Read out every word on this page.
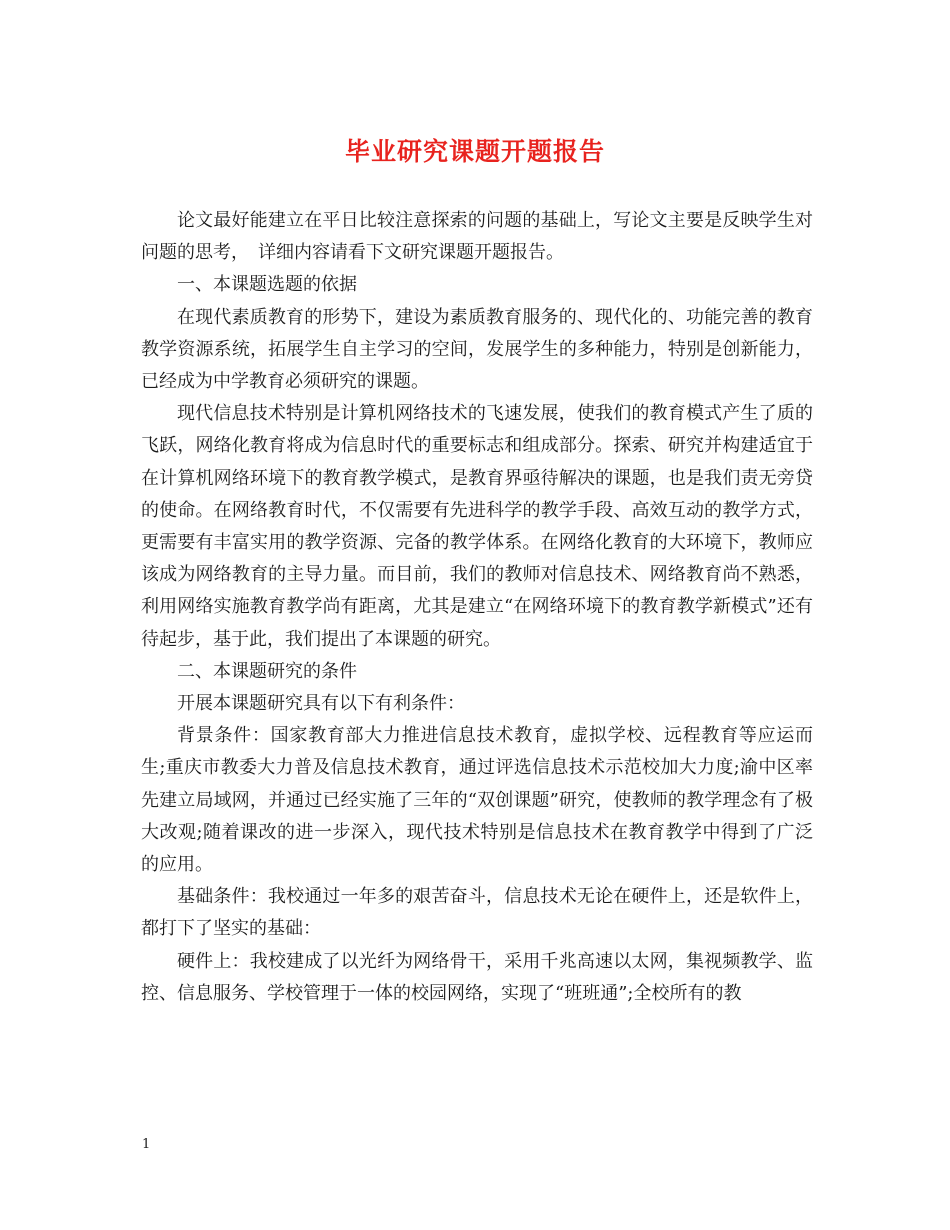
毕业研究课题开题报告

论文最好能建立在平日比较注意探索的问题的基础上，写论文主要是反映学生对问题的思考，　详细内容请看下文研究课题开题报告。

一、本课题选题的依据

在现代素质教育的形势下，建设为素质教育服务的、现代化的、功能完善的教育教学资源系统，拓展学生自主学习的空间，发展学生的多种能力，特别是创新能力，已经成为中学教育必须研究的课题。

现代信息技术特别是计算机网络技术的飞速发展，使我们的教育模式产生了质的飞跃，网络化教育将成为信息时代的重要标志和组成部分。探索、研究并构建适宜于在计算机网络环境下的教育教学模式，是教育界亟待解决的课题，也是我们责无旁贷的使命。在网络教育时代，不仅需要有先进科学的教学手段、高效互动的教学方式，更需要有丰富实用的教学资源、完备的教学体系。在网络化教育的大环境下，教师应该成为网络教育的主导力量。而目前，我们的教师对信息技术、网络教育尚不熟悉，利用网络实施教育教学尚有距离，尤其是建立“在网络环境下的教育教学新模式”还有待起步，基于此，我们提出了本课题的研究。

二、本课题研究的条件

开展本课题研究具有以下有利条件：

背景条件：国家教育部大力推进信息技术教育，虚拟学校、远程教育等应运而生;重庆市教委大力普及信息技术教育，通过评选信息技术示范校加大力度;渝中区率先建立局域网，并通过已经实施了三年的“双创课题”研究，使教师的教学理念有了极大改观;随着课改的进一步深入，现代技术特别是信息技术在教育教学中得到了广泛的应用。

基础条件：我校通过一年多的艰苦奋斗，信息技术无论在硬件上，还是软件上，都打下了坚实的基础：

硬件上：我校建成了以光纤为网络骨干，采用千兆高速以太网，集视频教学、监控、信息服务、学校管理于一体的校园网络，实现了“班班通”;全校所有的教

1
